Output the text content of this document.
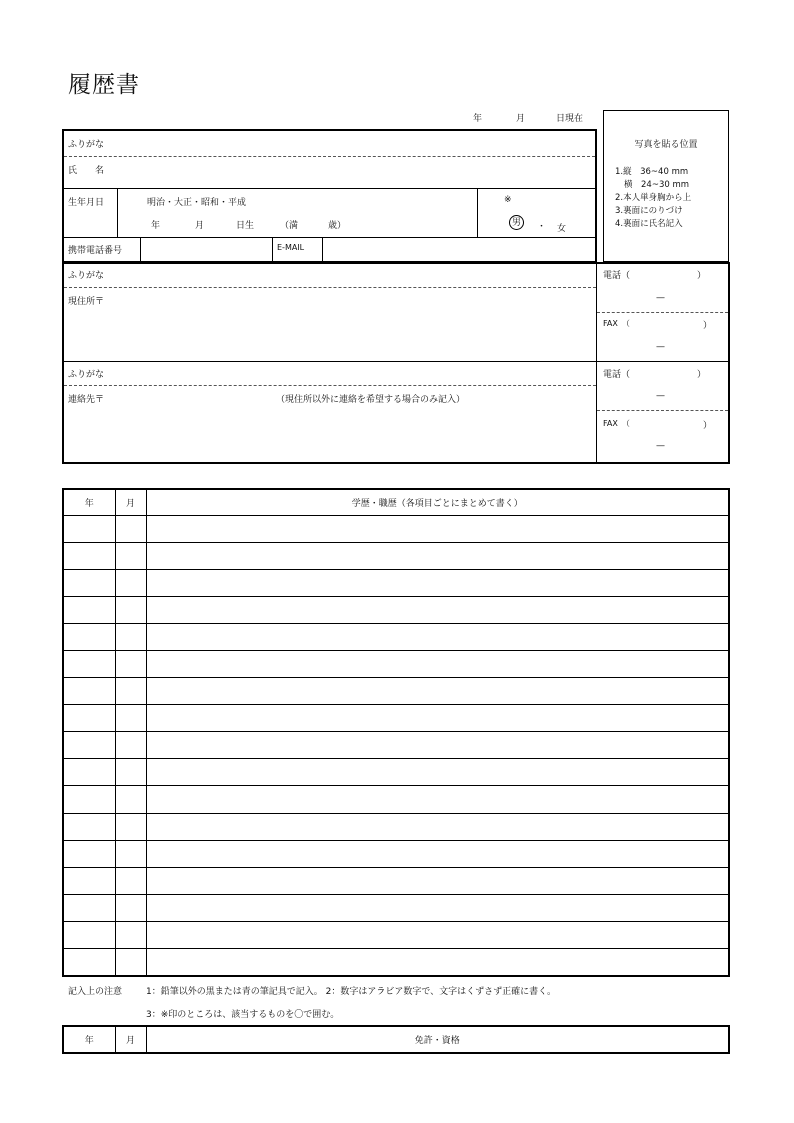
履歴書
年	月	日現在
写真を貼る位置
1.縦　36~40 mm
横　24~30 mm
2.本人単身胸から上
3.裏面にのりづけ
4.裏面に氏名記入
ふりがな
氏　　名
生年月日	明治・大正・昭和・平成
年	月	日生	（満	歳）
※
男	・ 女
携帯電話番号	E-MAIL
ふりがな
現住所〒
電話（	）
—
FAX　（	）
—
ふりがな
連絡先〒	（現住所以外に連絡を希望する場合のみ記入）
電話（	）
—
FAX　（	）
—
年	月	学歴・職歴（各項目ごとにまとめて書く）

記入上の注意	1：鉛筆以外の黒または青の筆記具で記入。 2：数字はアラビア数字で、文字はくずさず正確に書く。
3：※印のところは、該当するものを〇で囲む。
年	月	免許・資格
